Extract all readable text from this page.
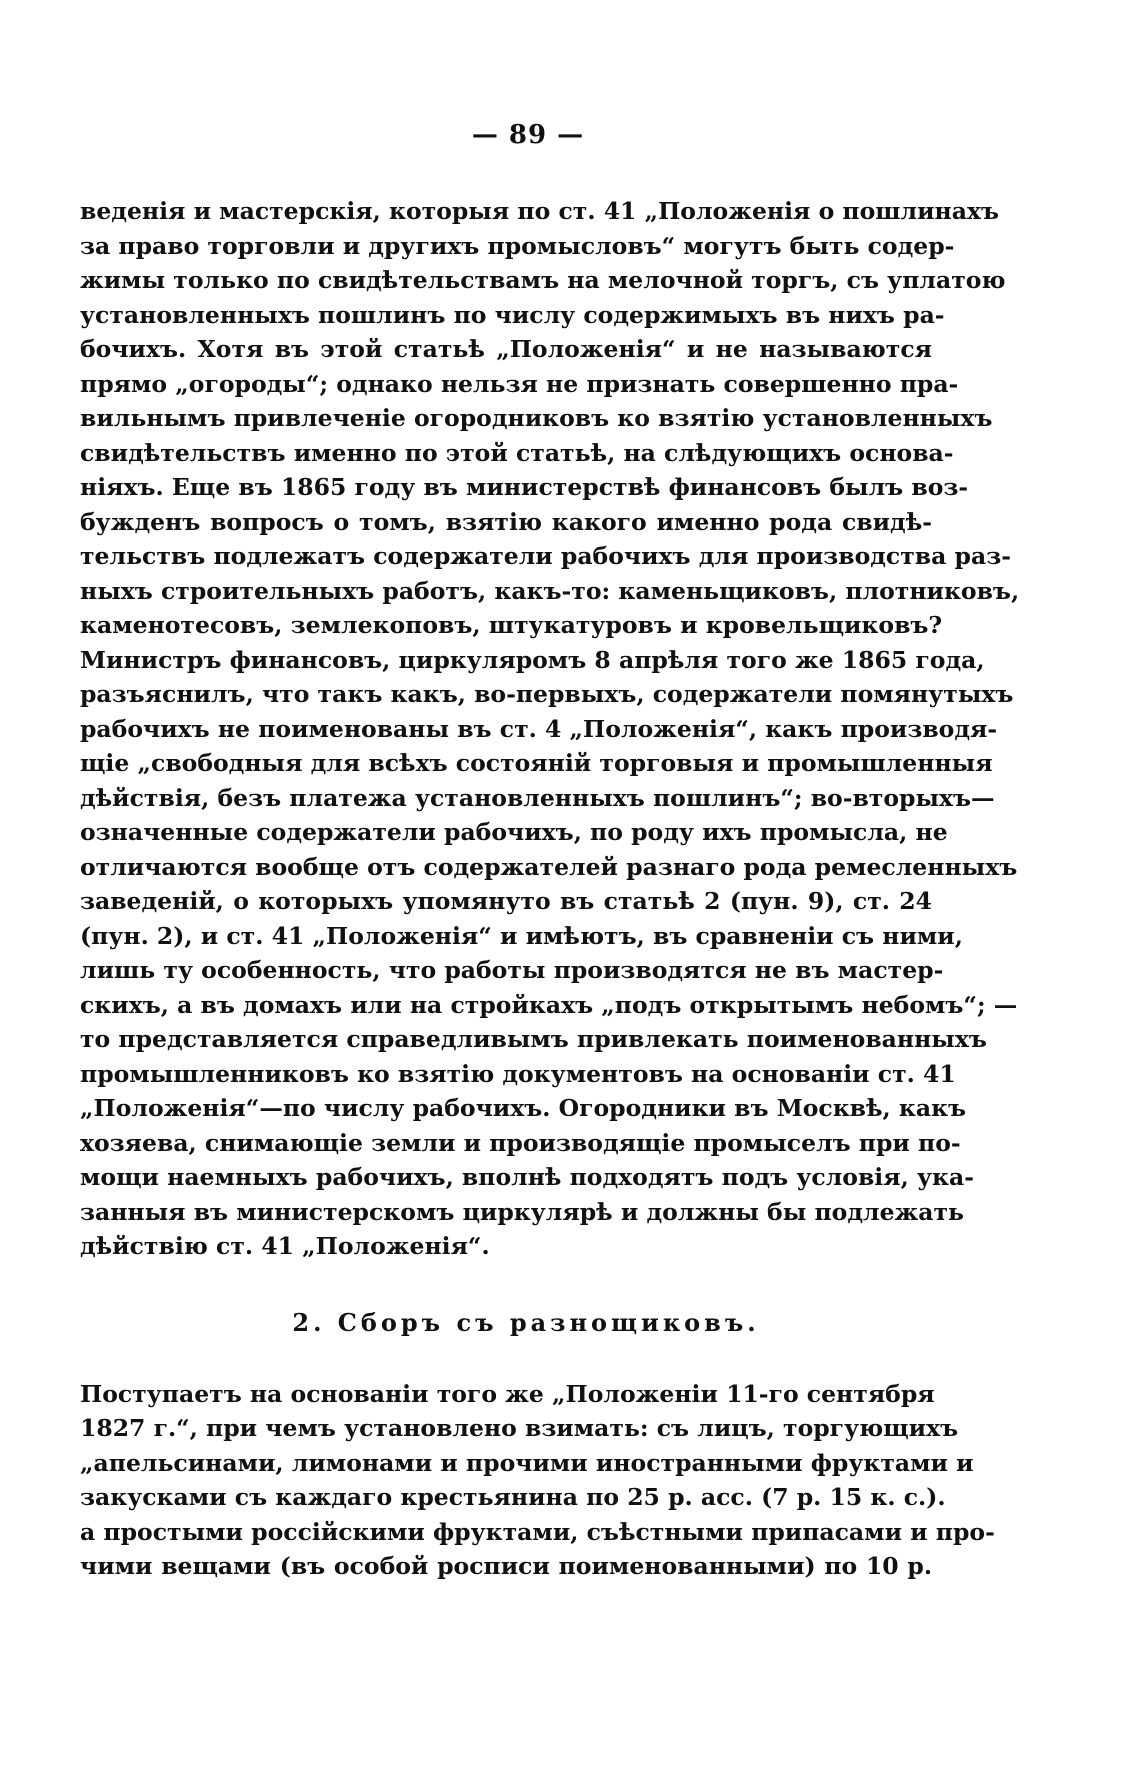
— 89 —
веденія и мастерскія, которыя по ст. 41 „Положенія о пошлинахъ
за право торговли и другихъ промысловъ“ могутъ быть содер-
жимы только по свидѣтельствамъ на мелочной торгъ, съ уплатою
установленныхъ пошлинъ по числу содержимыхъ въ нихъ ра-
бочихъ. Хотя въ этой статьѣ „Положенія“ и не называются
прямо „огороды“; однако нельзя не признать совершенно пра-
вильнымъ привлеченіе огородниковъ ко взятію установленныхъ
свидѣтельствъ именно по этой статьѣ, на слѣдующихъ основа-
ніяхъ. Еще въ 1865 году въ министерствѣ финансовъ былъ воз-
бужденъ вопросъ о томъ, взятію какого именно рода свидѣ-
тельствъ подлежатъ содержатели рабочихъ для производства раз-
ныхъ строительныхъ работъ, какъ-то: каменьщиковъ, плотниковъ,
каменотесовъ, землекоповъ, штукатуровъ и кровельщиковъ?
Министръ финансовъ, циркуляромъ 8 апрѣля того же 1865 года,
разъяснилъ, что такъ какъ, во-первыхъ, содержатели помянутыхъ
рабочихъ не поименованы въ ст. 4 „Положенія“, какъ производя-
щіе „свободныя для всѣхъ состояній торговыя и промышленныя
дѣйствія, безъ платежа установленныхъ пошлинъ“; во-вторыхъ—
означенные содержатели рабочихъ, по роду ихъ промысла, не
отличаются вообще отъ содержателей разнаго рода ремесленныхъ
заведеній, о которыхъ упомянуто въ статьѣ 2 (пун. 9), ст. 24
(пун. 2), и ст. 41 „Положенія“ и имѣютъ, въ сравненіи съ ними,
лишь ту особенность, что работы производятся не въ мастер-
скихъ, а въ домахъ или на стройкахъ „подъ открытымъ небомъ“; —
то представляется справедливымъ привлекать поименованныхъ
промышленниковъ ко взятію документовъ на основаніи ст. 41
„Положенія“—по числу рабочихъ. Огородники въ Москвѣ, какъ
хозяева, снимающіе земли и производящіе промыселъ при по-
мощи наемныхъ рабочихъ, вполнѣ подходятъ подъ условія, ука-
занныя въ министерскомъ циркулярѣ и должны бы подлежать
дѣйствію ст. 41 „Положенія“.
2. Сборъ съ разнощиковъ.
Поступаетъ на основаніи того же „Положеніи 11-го сентября
1827 г.“, при чемъ установлено взимать: съ лицъ, торгующихъ
„апельсинами, лимонами и прочими иностранными фруктами и
закусками съ каждаго крестьянина по 25 р. асс. (7 р. 15 к. с.).
а простыми россійскими фруктами, съѣстными припасами и про-
чими вещами (въ особой росписи поименованными) по 10 р.
